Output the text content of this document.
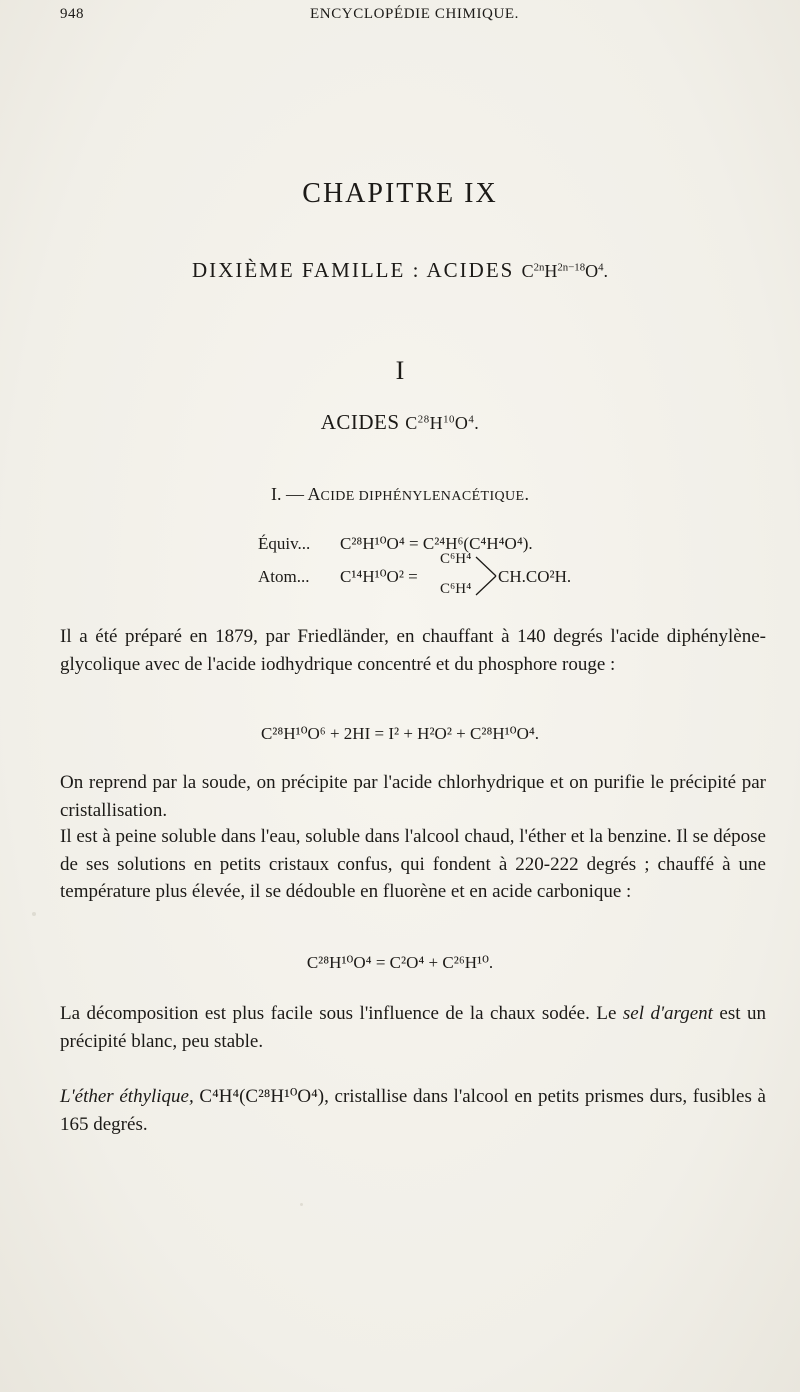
948	ENCYCLOPÉDIE CHIMIQUE.
CHAPITRE IX
DIXIÈME FAMILLE : ACIDES $C^{2n}H^{2n-18}O^4$.
I
ACIDES $C^{28}H^{10}O^4$.
I. — ACIDE DIPHÉNYLENACÉTIQUE.
Équiv... C²⁸H¹⁰O⁴ = C²⁴H⁶(C⁴H⁴O⁴).
Atom... C¹⁴H¹⁰O² =
C⁶H⁴
C⁶H⁴
CH.CO²H.
Il a été préparé en 1879, par Friedländer, en chauffant à 140 degrés l'acide diphénylène-glycolique avec de l'acide iodhydrique concentré et du phosphore rouge :
C²⁸H¹⁰O⁶ + 2HI = I² + H²O² + C²⁸H¹⁰O⁴.
On reprend par la soude, on précipite par l'acide chlorhydrique et on purifie le précipité par cristallisation.
Il est à peine soluble dans l'eau, soluble dans l'alcool chaud, l'éther et la benzine. Il se dépose de ses solutions en petits cristaux confus, qui fondent à 220-222 degrés ; chauffé à une température plus élevée, il se dédouble en fluorène et en acide carbonique :
C²⁸H¹⁰O⁴ = C²O⁴ + C²⁶H¹⁰.
La décomposition est plus facile sous l'influence de la chaux sodée. Le sel d'argent est un précipité blanc, peu stable.
L'éther éthylique, C⁴H⁴(C²⁸H¹⁰O⁴), cristallise dans l'alcool en petits prismes durs, fusibles à 165 degrés.
